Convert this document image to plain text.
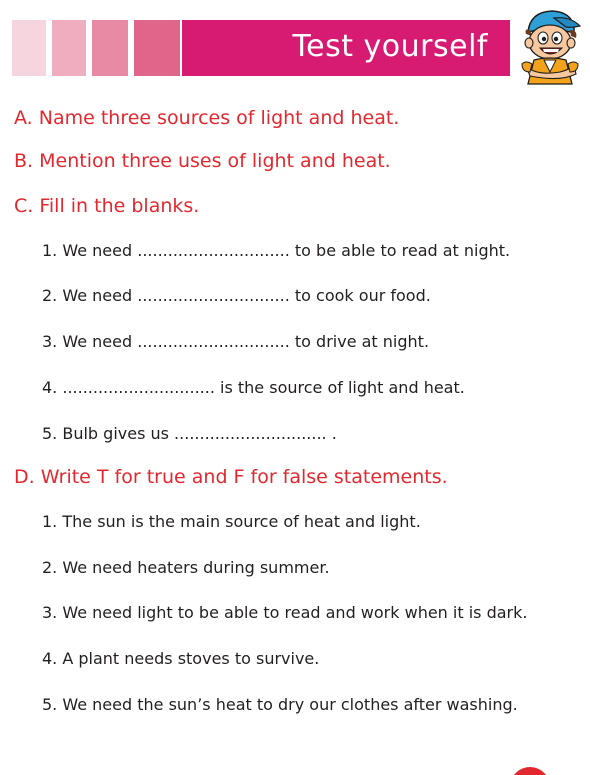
Test yourself
A. Name three sources of light and heat.
B. Mention three uses of light and heat.
C. Fill in the blanks.
1. We need .............................. to be able to read at night.
2. We need .............................. to cook our food.
3. We need .............................. to drive at night.
4. .............................. is the source of light and heat.
5. Bulb gives us .............................. .
D. Write T for true and F for false statements.
1. The sun is the main source of heat and light.
2. We need heaters during summer.
3. We need light to be able to read and work when it is dark.
4. A plant needs stoves to survive.
5. We need the sun’s heat to dry our clothes after washing.
